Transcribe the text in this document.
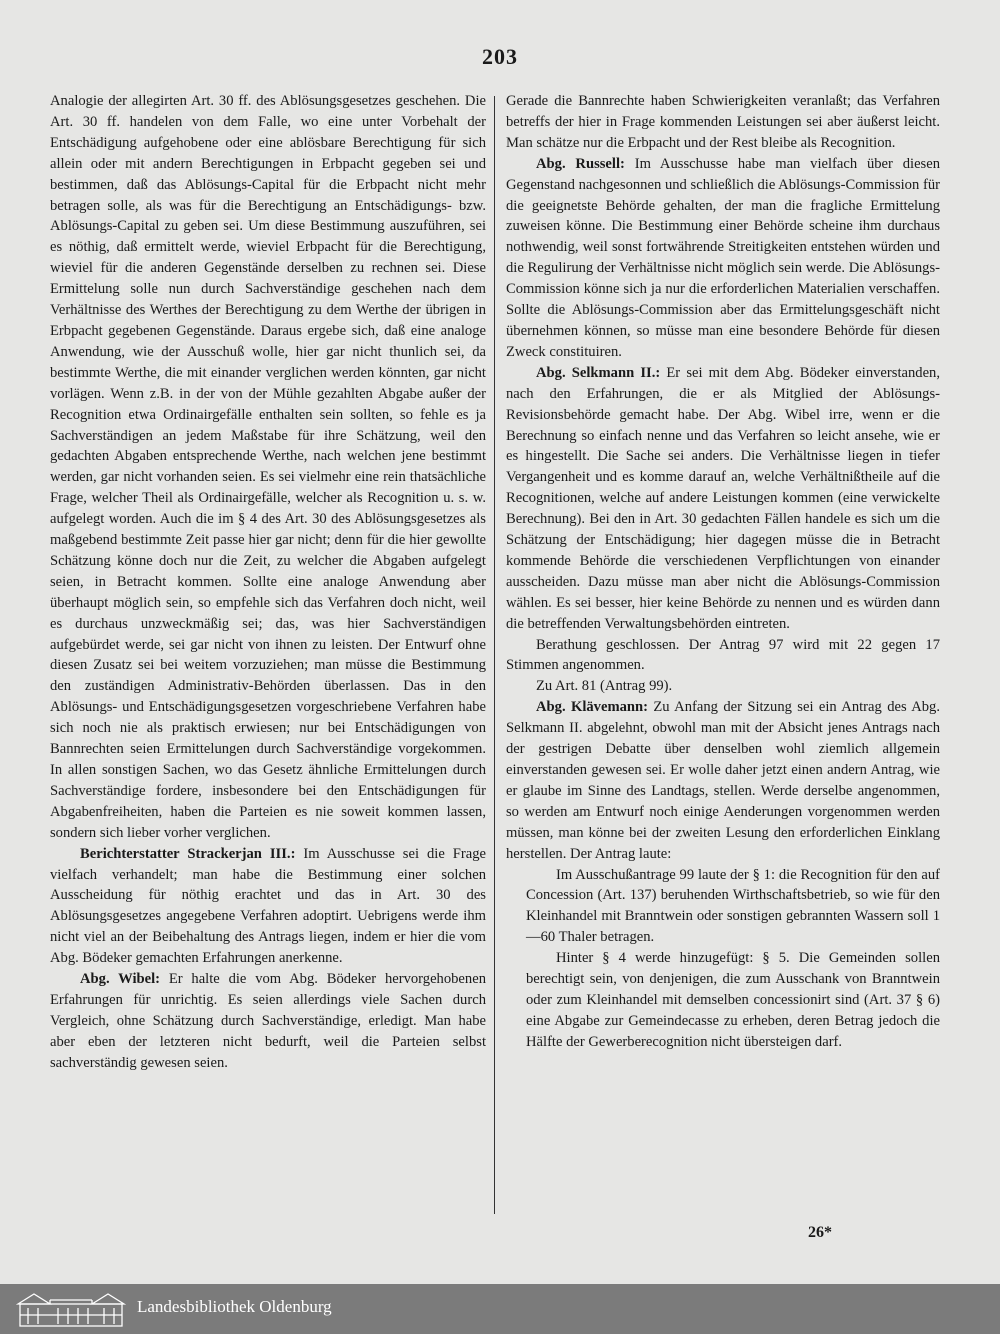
203

Analogie der allegirten Art. 30 ff. des Ablösungsgesetzes geschehen. Die Art. 30 ff. handelen von dem Falle, wo eine unter Vorbehalt der Entschädigung aufgehobene oder eine ablösbare Berechtigung für sich allein oder mit andern Berechtigungen in Erbpacht gegeben sei und bestimmen, daß das Ablösungs-Capital für die Erbpacht nicht mehr betragen solle, als was für die Berechtigung an Entschädigungs- bzw. Ablösungs-Capital zu geben sei. Um diese Bestimmung auszuführen, sei es nöthig, daß ermittelt werde, wieviel Erbpacht für die Berechtigung, wieviel für die anderen Gegenstände derselben zu rechnen sei. Diese Ermittelung solle nun durch Sachverständige geschehen nach dem Verhältnisse des Werthes der Berechtigung zu dem Werthe der übrigen in Erbpacht gegebenen Gegenstände. Daraus ergebe sich, daß eine analoge Anwendung, wie der Ausschuß wolle, hier gar nicht thunlich sei, da bestimmte Werthe, die mit einander verglichen werden könnten, gar nicht vorlägen. Wenn z.B. in der von der Mühle gezahlten Abgabe außer der Recognition etwa Ordinairgefälle enthalten sein sollten, so fehle es ja Sachverständigen an jedem Maßstabe für ihre Schätzung, weil den gedachten Abgaben entsprechende Werthe, nach welchen jene bestimmt werden, gar nicht vorhanden seien. Es sei vielmehr eine rein thatsächliche Frage, welcher Theil als Ordinairgefälle, welcher als Recognition u. s. w. aufgelegt worden. Auch die im § 4 des Art. 30 des Ablösungsgesetzes als maßgebend bestimmte Zeit passe hier gar nicht; denn für die hier gewollte Schätzung könne doch nur die Zeit, zu welcher die Abgaben aufgelegt seien, in Betracht kommen. Sollte eine analoge Anwendung aber überhaupt möglich sein, so empfehle sich das Verfahren doch nicht, weil es durchaus unzweckmäßig sei; das, was hier Sachverständigen aufgebürdet werde, sei gar nicht von ihnen zu leisten. Der Entwurf ohne diesen Zusatz sei bei weitem vorzuziehen; man müsse die Bestimmung den zuständigen Administrativ-Behörden überlassen. Das in den Ablösungs- und Entschädigungsgesetzen vorgeschriebene Verfahren habe sich noch nie als praktisch erwiesen; nur bei Entschädigungen von Bannrechten seien Ermittelungen durch Sachverständige vorgekommen. In allen sonstigen Sachen, wo das Gesetz ähnliche Ermittelungen durch Sachverständige fordere, insbesondere bei den Entschädigungen für Abgabenfreiheiten, haben die Parteien es nie soweit kommen lassen, sondern sich lieber vorher verglichen.

Berichterstatter Strackerjan III.: Im Ausschusse sei die Frage vielfach verhandelt; man habe die Bestimmung einer solchen Ausscheidung für nöthig erachtet und das in Art. 30 des Ablösungsgesetzes angegebene Verfahren adoptirt. Uebrigens werde ihm nicht viel an der Beibehaltung des Antrags liegen, indem er hier die vom Abg. Bödeker gemachten Erfahrungen anerkenne.

Abg. Wibel: Er halte die vom Abg. Bödeker hervorgehobenen Erfahrungen für unrichtig. Es seien allerdings viele Sachen durch Vergleich, ohne Schätzung durch Sachverständige, erledigt. Man habe aber eben der letzteren nicht bedurft, weil die Parteien selbst sachverständig gewesen seien.

Gerade die Bannrechte haben Schwierigkeiten veranlaßt; das Verfahren betreffs der hier in Frage kommenden Leistungen sei aber äußerst leicht. Man schätze nur die Erbpacht und der Rest bleibe als Recognition.

Abg. Russell: Im Ausschusse habe man vielfach über diesen Gegenstand nachgesonnen und schließlich die Ablösungs-Commission für die geeignetste Behörde gehalten, der man die fragliche Ermittelung zuweisen könne. Die Bestimmung einer Behörde scheine ihm durchaus nothwendig, weil sonst fortwährende Streitigkeiten entstehen würden und die Regulirung der Verhältnisse nicht möglich sein werde. Die Ablösungs-Commission könne sich ja nur die erforderlichen Materialien verschaffen. Sollte die Ablösungs-Commission aber das Ermittelungsgeschäft nicht übernehmen können, so müsse man eine besondere Behörde für diesen Zweck constituiren.

Abg. Selkmann II.: Er sei mit dem Abg. Bödeker einverstanden, nach den Erfahrungen, die er als Mitglied der Ablösungs-Revisionsbehörde gemacht habe. Der Abg. Wibel irre, wenn er die Berechnung so einfach nenne und das Verfahren so leicht ansehe, wie er es hingestellt. Die Sache sei anders. Die Verhältnisse liegen in tiefer Vergangenheit und es komme darauf an, welche Verhältnißtheile auf die Recognitionen, welche auf andere Leistungen kommen (eine verwickelte Berechnung). Bei den in Art. 30 gedachten Fällen handele es sich um die Schätzung der Entschädigung; hier dagegen müsse die in Betracht kommende Behörde die verschiedenen Verpflichtungen von einander ausscheiden. Dazu müsse man aber nicht die Ablösungs-Commission wählen. Es sei besser, hier keine Behörde zu nennen und es würden dann die betreffenden Verwaltungsbehörden eintreten.

Berathung geschlossen. Der Antrag 97 wird mit 22 gegen 17 Stimmen angenommen.

Zu Art. 81 (Antrag 99).

Abg. Klävemann: Zu Anfang der Sitzung sei ein Antrag des Abg. Selkmann II. abgelehnt, obwohl man mit der Absicht jenes Antrags nach der gestrigen Debatte über denselben wohl ziemlich allgemein einverstanden gewesen sei. Er wolle daher jetzt einen andern Antrag, wie er glaube im Sinne des Landtags, stellen. Werde derselbe angenommen, so werden am Entwurf noch einige Aenderungen vorgenommen werden müssen, man könne bei der zweiten Lesung den erforderlichen Einklang herstellen. Der Antrag laute:

Im Ausschußantrage 99 laute der § 1: die Recognition für den auf Concession (Art. 137) beruhenden Wirthschaftsbetrieb, so wie für den Kleinhandel mit Branntwein oder sonstigen gebrannten Wassern soll 1—60 Thaler betragen.

Hinter § 4 werde hinzugefügt: § 5. Die Gemeinden sollen berechtigt sein, von denjenigen, die zum Ausschank von Branntwein oder zum Kleinhandel mit demselben concessionirt sind (Art. 37 § 6) eine Abgabe zur Gemeindecasse zu erheben, deren Betrag jedoch die Hälfte der Gewerberecognition nicht übersteigen darf.

26*
Landesbibliothek Oldenburg
